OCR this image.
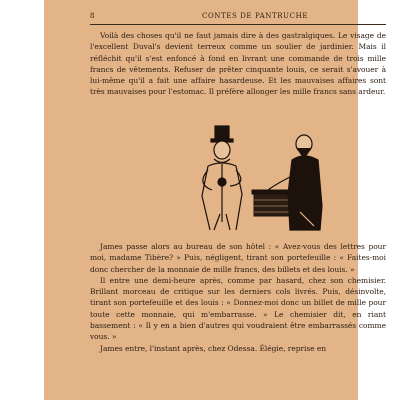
8	CONTES DE PANTRUCHE

Voilà des choses qu'il ne faut jamais dire à des gastralgiques. Le visage de l'excellent Duval's devient terreux comme un soulier de jardinier. Mais il réfléchit qu'il s'est enfoncé à fond en livrant une commande de trois mille francs de vêtements. Refuser de prêter cinquante louis, ce serait s'avouer à lui-même qu'il a fait une affaire hasardeuse. Et les mauvaises affaires sont très mauvaises pour l'estomac. Il préfère allonger les mille francs sans ardeur.

James passe alors au bureau de son hôtel : « Avez-vous des lettres pour moi, madame Tibère? » Puis, négligent, tirant son portefeuille : « Faites-moi donc chercher de la monnaie de mille francs, des billets et des louis. »

Il entre une demi-heure après, comme par hasard, chez son chemisier. Brillant morceau de critique sur les derniers cols livrés. Puis, désinvolte, tirant son portefeuille et des louis : « Donnez-moi donc un billet de mille pour toute cette monnaie, qui m'embarrasse. » Le chemisier dit, en riant bassement : « Il y en a bien d'autres qui voudraient être embarrassés comme vous. »

James entre, l'instant après, chez Odessa. Élégie, reprise en
